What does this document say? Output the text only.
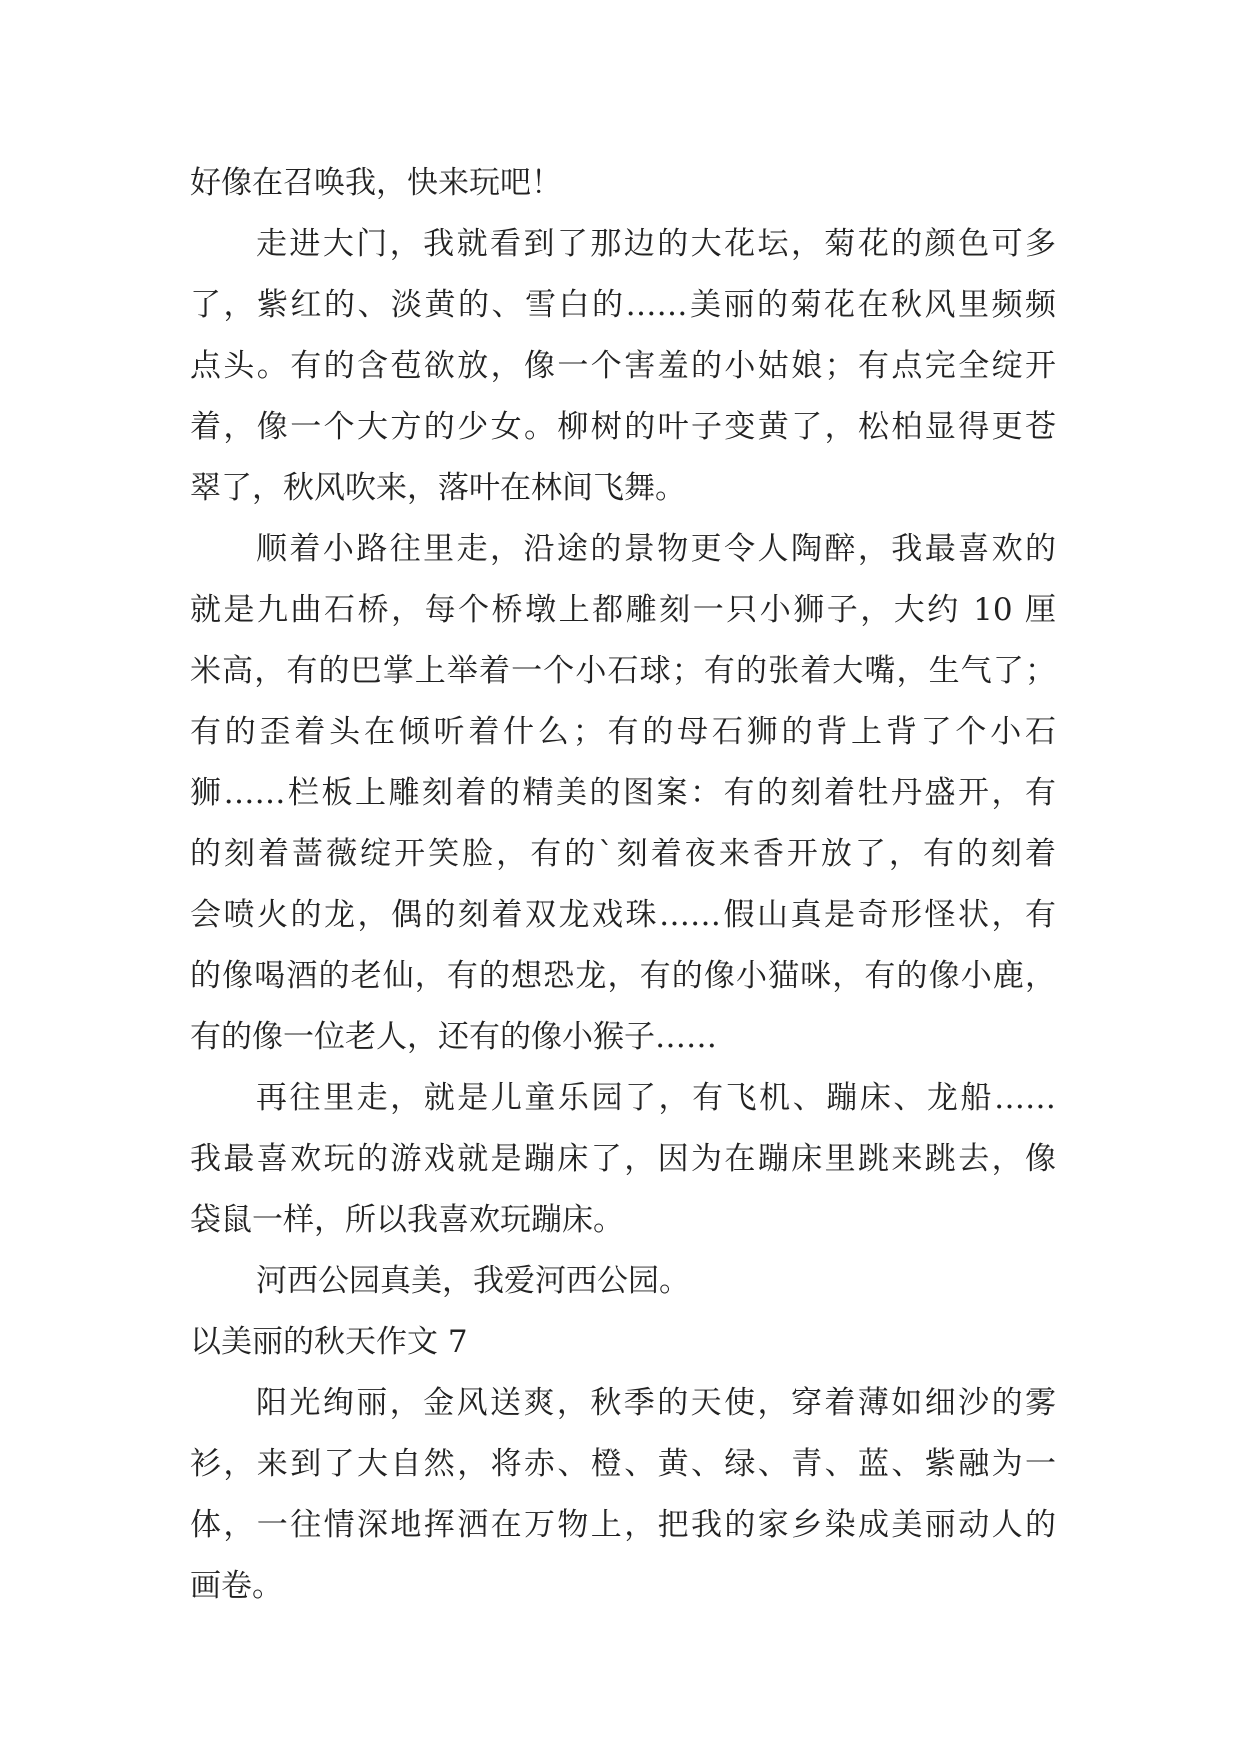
好像在召唤我，快来玩吧！
走进大门，我就看到了那边的大花坛，菊花的颜色可多
了，紫红的、淡黄的、雪白的……美丽的菊花在秋风里频频
点头。有的含苞欲放，像一个害羞的小姑娘；有点完全绽开
着，像一个大方的少女。柳树的叶子变黄了，松柏显得更苍
翠了，秋风吹来，落叶在林间飞舞。
顺着小路往里走，沿途的景物更令人陶醉，我最喜欢的
就是九曲石桥，每个桥墩上都雕刻一只小狮子，大约 10 厘
米高，有的巴掌上举着一个小石球；有的张着大嘴，生气了；
有的歪着头在倾听着什么；有的母石狮的背上背了个小石
狮……栏板上雕刻着的精美的图案：有的刻着牡丹盛开，有
的刻着蔷薇绽开笑脸，有的`刻着夜来香开放了，有的刻着
会喷火的龙，偶的刻着双龙戏珠……假山真是奇形怪状，有
的像喝酒的老仙，有的想恐龙，有的像小猫咪，有的像小鹿，
有的像一位老人，还有的像小猴子……
再往里走，就是儿童乐园了，有飞机、蹦床、龙船……
我最喜欢玩的游戏就是蹦床了，因为在蹦床里跳来跳去，像
袋鼠一样，所以我喜欢玩蹦床。
河西公园真美，我爱河西公园。
以美丽的秋天作文 7
阳光绚丽，金风送爽，秋季的天使，穿着薄如细沙的雾
衫，来到了大自然，将赤、橙、黄、绿、青、蓝、紫融为一
体，一往情深地挥洒在万物上，把我的家乡染成美丽动人的
画卷。
